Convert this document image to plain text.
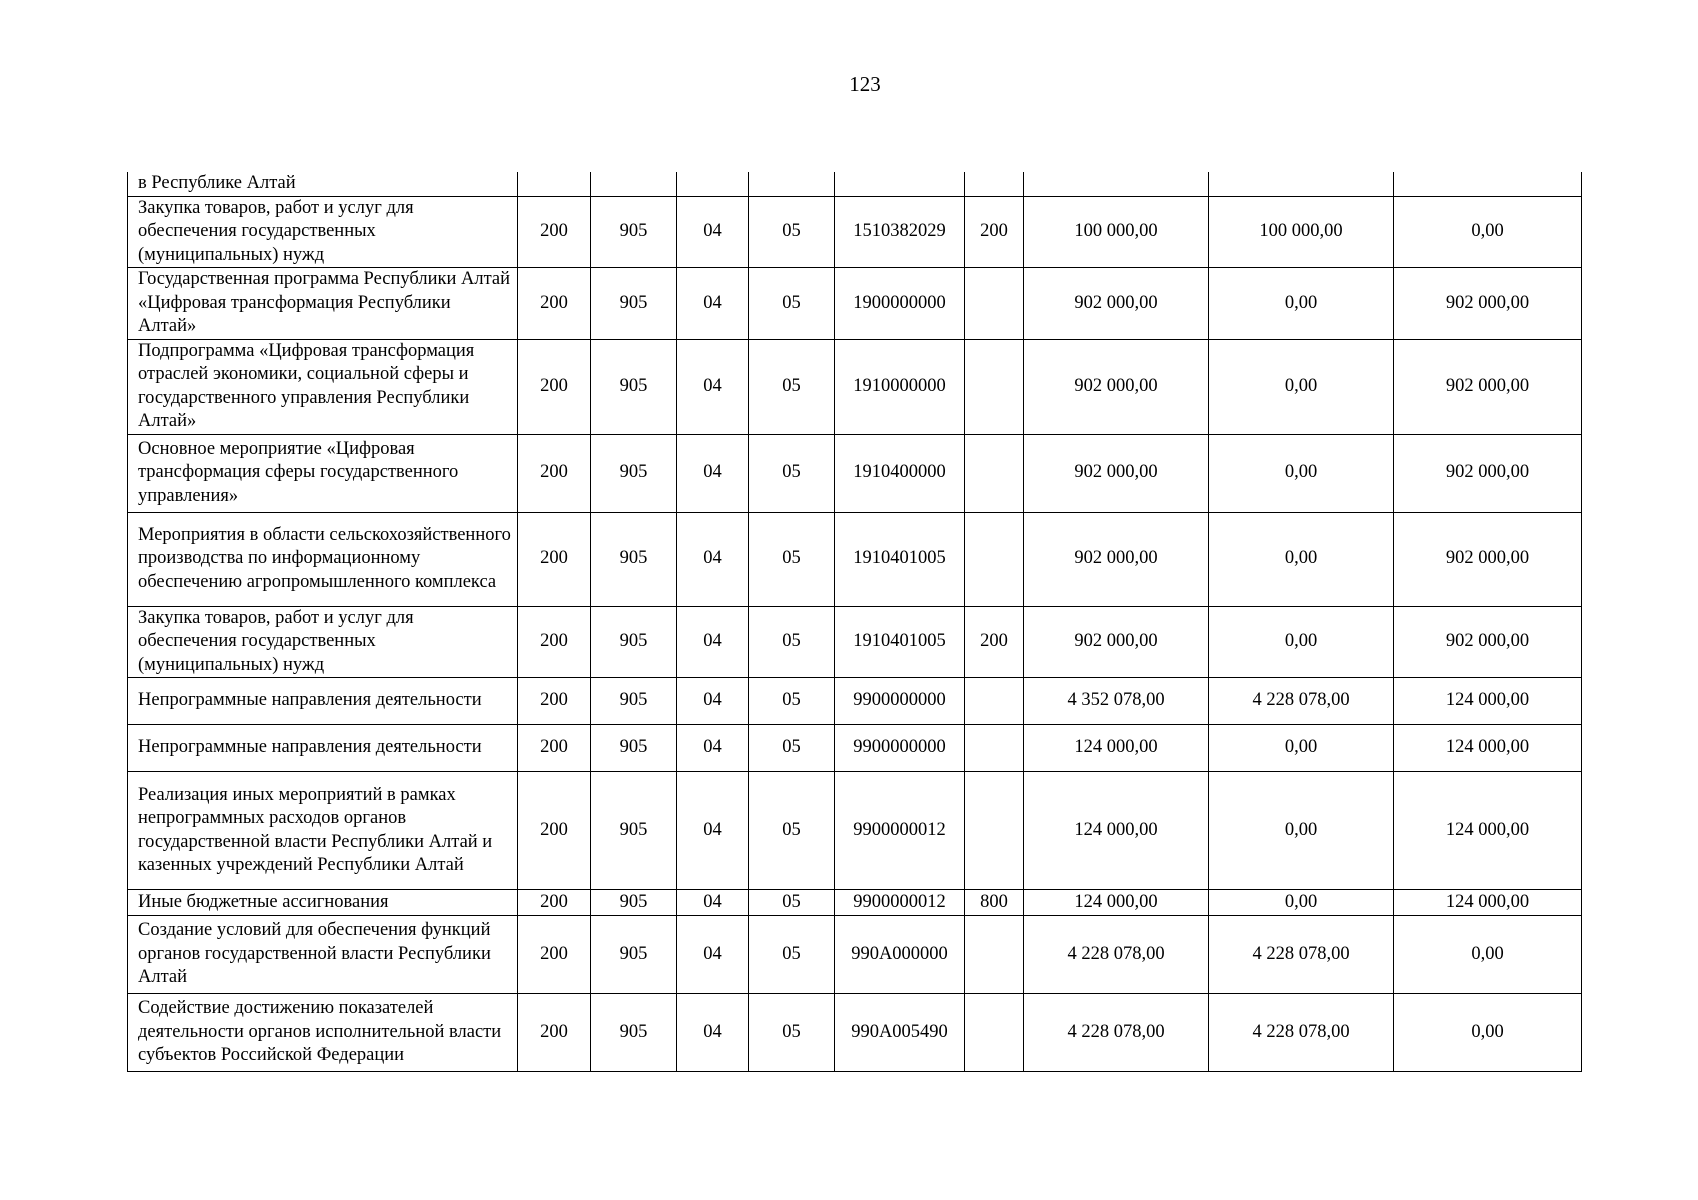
123
в Республике Алтай									
Закупка товаров, работ и услуг для обеспечения государственных (муниципальных) нужд	200	905	04	05	1510382029	200	100 000,00	100 000,00	0,00
Государственная программа Республики Алтай «Цифровая трансформация Республики Алтай»	200	905	04	05	1900000000		902 000,00	0,00	902 000,00
Подпрограмма «Цифровая трансформация отраслей экономики, социальной сферы и государственного управления Республики Алтай»	200	905	04	05	1910000000		902 000,00	0,00	902 000,00
Основное мероприятие «Цифровая трансформация сферы государственного управления»	200	905	04	05	1910400000		902 000,00	0,00	902 000,00
Мероприятия в области сельскохозяйственного производства по информационному обеспечению агропромышленного комплекса	200	905	04	05	1910401005		902 000,00	0,00	902 000,00
Закупка товаров, работ и услуг для обеспечения государственных (муниципальных) нужд	200	905	04	05	1910401005	200	902 000,00	0,00	902 000,00
Непрограммные направления деятельности	200	905	04	05	9900000000		4 352 078,00	4 228 078,00	124 000,00
Непрограммные направления деятельности	200	905	04	05	9900000000		124 000,00	0,00	124 000,00
Реализация иных мероприятий в рамках непрограммных расходов органов государственной власти Республики Алтай и казенных учреждений Республики Алтай	200	905	04	05	9900000012		124 000,00	0,00	124 000,00
Иные бюджетные ассигнования	200	905	04	05	9900000012	800	124 000,00	0,00	124 000,00
Создание условий для обеспечения функций органов государственной власти Республики Алтай	200	905	04	05	990А000000		4 228 078,00	4 228 078,00	0,00
Содействие достижению показателей деятельности органов исполнительной власти субъектов Российской Федерации	200	905	04	05	990А005490		4 228 078,00	4 228 078,00	0,00
